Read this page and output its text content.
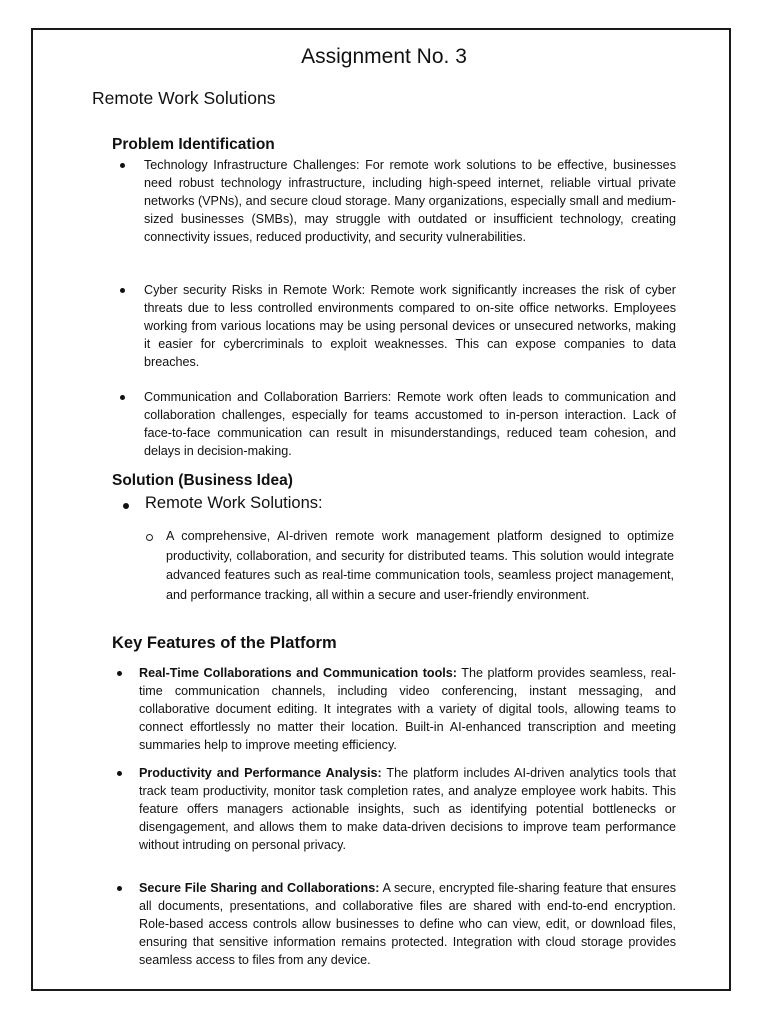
Assignment No. 3
Remote Work Solutions
Problem Identification

Technology Infrastructure Challenges: For remote work solutions to be effective, businesses need robust technology infrastructure, including high-speed internet, reliable virtual private networks (VPNs), and secure cloud storage. Many organizations, especially small and medium-sized businesses (SMBs), may struggle with outdated or insufficient technology, creating connectivity issues, reduced productivity, and security vulnerabilities.

Cyber security Risks in Remote Work: Remote work significantly increases the risk of cyber threats due to less controlled environments compared to on-site office networks. Employees working from various locations may be using personal devices or unsecured networks, making it easier for cybercriminals to exploit weaknesses. This can expose companies to data breaches.

Communication and Collaboration Barriers: Remote work often leads to communication and collaboration challenges, especially for teams accustomed to in-person interaction. Lack of face-to-face communication can result in misunderstandings, reduced team cohesion, and delays in decision-making.

Solution (Business Idea)
Remote Work Solutions:

A comprehensive, AI-driven remote work management platform designed to optimize productivity, collaboration, and security for distributed teams. This solution would integrate advanced features such as real-time communication tools, seamless project management, and performance tracking, all within a secure and user-friendly environment.

Key Features of the Platform

Real-Time Collaborations and Communication tools: The platform provides seamless, real-time communication channels, including video conferencing, instant messaging, and collaborative document editing. It integrates with a variety of digital tools, allowing teams to connect effortlessly no matter their location. Built-in AI-enhanced transcription and meeting summaries help to improve meeting efficiency.

Productivity and Performance Analysis: The platform includes AI-driven analytics tools that track team productivity, monitor task completion rates, and analyze employee work habits. This feature offers managers actionable insights, such as identifying potential bottlenecks or disengagement, and allows them to make data-driven decisions to improve team performance without intruding on personal privacy.

Secure File Sharing and Collaborations: A secure, encrypted file-sharing feature that ensures all documents, presentations, and collaborative files are shared with end-to-end encryption. Role-based access controls allow businesses to define who can view, edit, or download files, ensuring that sensitive information remains protected. Integration with cloud storage provides seamless access to files from any device.
